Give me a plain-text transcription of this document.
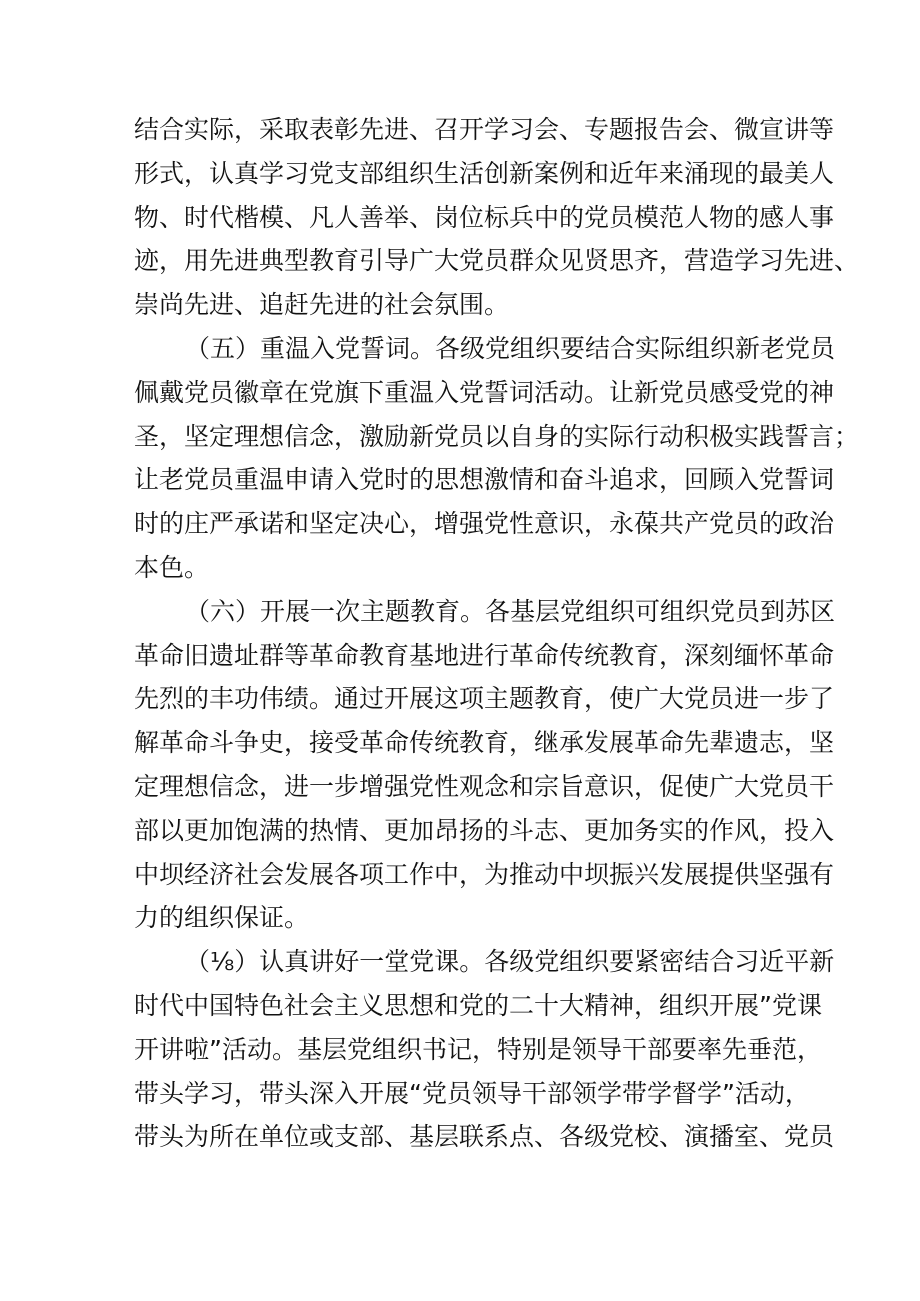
结合实际，采取表彰先进、召开学习会、专题报告会、微宣讲等
形式，认真学习党支部组织生活创新案例和近年来涌现的最美人
物、时代楷模、凡人善举、岗位标兵中的党员模范人物的感人事
迹，用先进典型教育引导广大党员群众见贤思齐，营造学习先进、
崇尚先进、追赶先进的社会氛围。
（五）重温入党誓词。各级党组织要结合实际组织新老党员
佩戴党员徽章在党旗下重温入党誓词活动。让新党员感受党的神
圣，坚定理想信念，激励新党员以自身的实际行动积极实践誓言；
让老党员重温申请入党时的思想激情和奋斗追求，回顾入党誓词
时的庄严承诺和坚定决心，增强党性意识，永葆共产党员的政治
本色。
（六）开展一次主题教育。各基层党组织可组织党员到苏区
革命旧遗址群等革命教育基地进行革命传统教育，深刻缅怀革命
先烈的丰功伟绩。通过开展这项主题教育，使广大党员进一步了
解革命斗争史，接受革命传统教育，继承发展革命先辈遗志，坚
定理想信念，进一步增强党性观念和宗旨意识，促使广大党员干
部以更加饱满的热情、更加昂扬的斗志、更加务实的作风，投入
中坝经济社会发展各项工作中，为推动中坝振兴发展提供坚强有
力的组织保证。
（⅛）认真讲好一堂党课。各级党组织要紧密结合习近平新
时代中国特色社会主义思想和党的二十大精神，组织开展”党课
开讲啦”活动。基层党组织书记，特别是领导干部要率先垂范，
带头学习，带头深入开展“党员领导干部领学带学督学”活动，
带头为所在单位或支部、基层联系点、各级党校、演播室、党员
